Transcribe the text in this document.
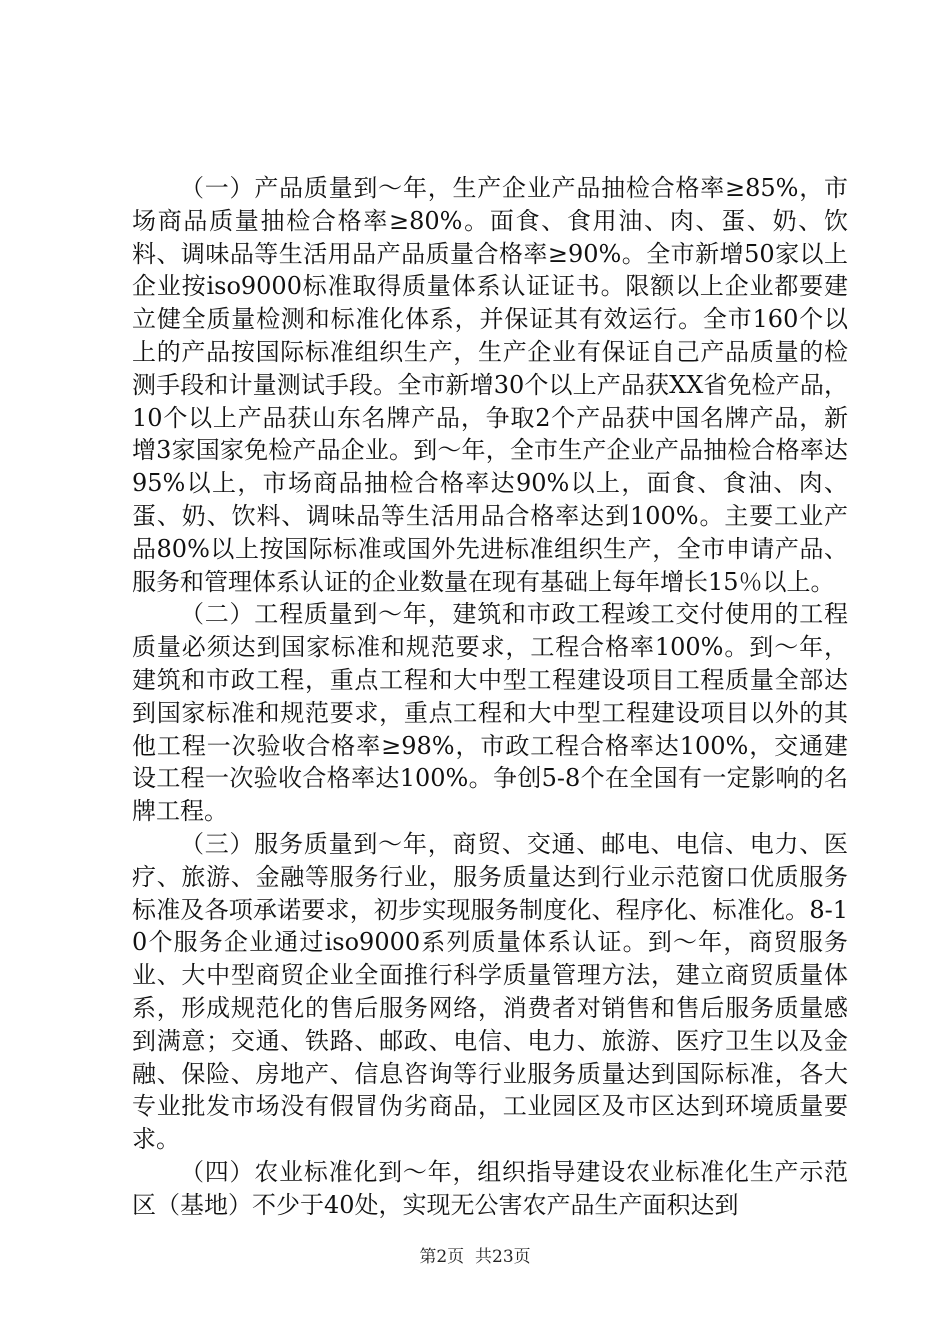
（一）产品质量到～年，生产企业产品抽检合格率≥85%，市场商品质量抽检合格率≥80%。面食、食用油、肉、蛋、奶、饮料、调味品等生活用品产品质量合格率≥90%。全市新增50家以上企业按iso9000标准取得质量体系认证证书。限额以上企业都要建立健全质量检测和标准化体系，并保证其有效运行。全市160个以上的产品按国际标准组织生产，生产企业有保证自己产品质量的检测手段和计量测试手段。全市新增30个以上产品获XX省免检产品，10个以上产品获山东名牌产品，争取2个产品获中国名牌产品，新增3家国家免检产品企业。到～年，全市生产企业产品抽检合格率达95%以上，市场商品抽检合格率达90%以上，面食、食油、肉、蛋、奶、饮料、调味品等生活用品合格率达到100%。主要工业产品80%以上按国际标准或国外先进标准组织生产，全市申请产品、服务和管理体系认证的企业数量在现有基础上每年增长15％以上。

（二）工程质量到～年，建筑和市政工程竣工交付使用的工程质量必须达到国家标准和规范要求，工程合格率100%。到～年，建筑和市政工程，重点工程和大中型工程建设项目工程质量全部达到国家标准和规范要求，重点工程和大中型工程建设项目以外的其他工程一次验收合格率≥98%，市政工程合格率达100%，交通建设工程一次验收合格率达100%。争创5-8个在全国有一定影响的名牌工程。

（三）服务质量到～年，商贸、交通、邮电、电信、电力、医疗、旅游、金融等服务行业，服务质量达到行业示范窗口优质服务标准及各项承诺要求，初步实现服务制度化、程序化、标准化。8-10个服务企业通过iso9000系列质量体系认证。到～年，商贸服务业、大中型商贸企业全面推行科学质量管理方法，建立商贸质量体系，形成规范化的售后服务网络，消费者对销售和售后服务质量感到满意；交通、铁路、邮政、电信、电力、旅游、医疗卫生以及金融、保险、房地产、信息咨询等行业服务质量达到国际标准，各大专业批发市场没有假冒伪劣商品，工业园区及市区达到环境质量要求。

（四）农业标准化到～年，组织指导建设农业标准化生产示范区（基地）不少于40处，实现无公害农产品生产面积达到

第2页 共23页
